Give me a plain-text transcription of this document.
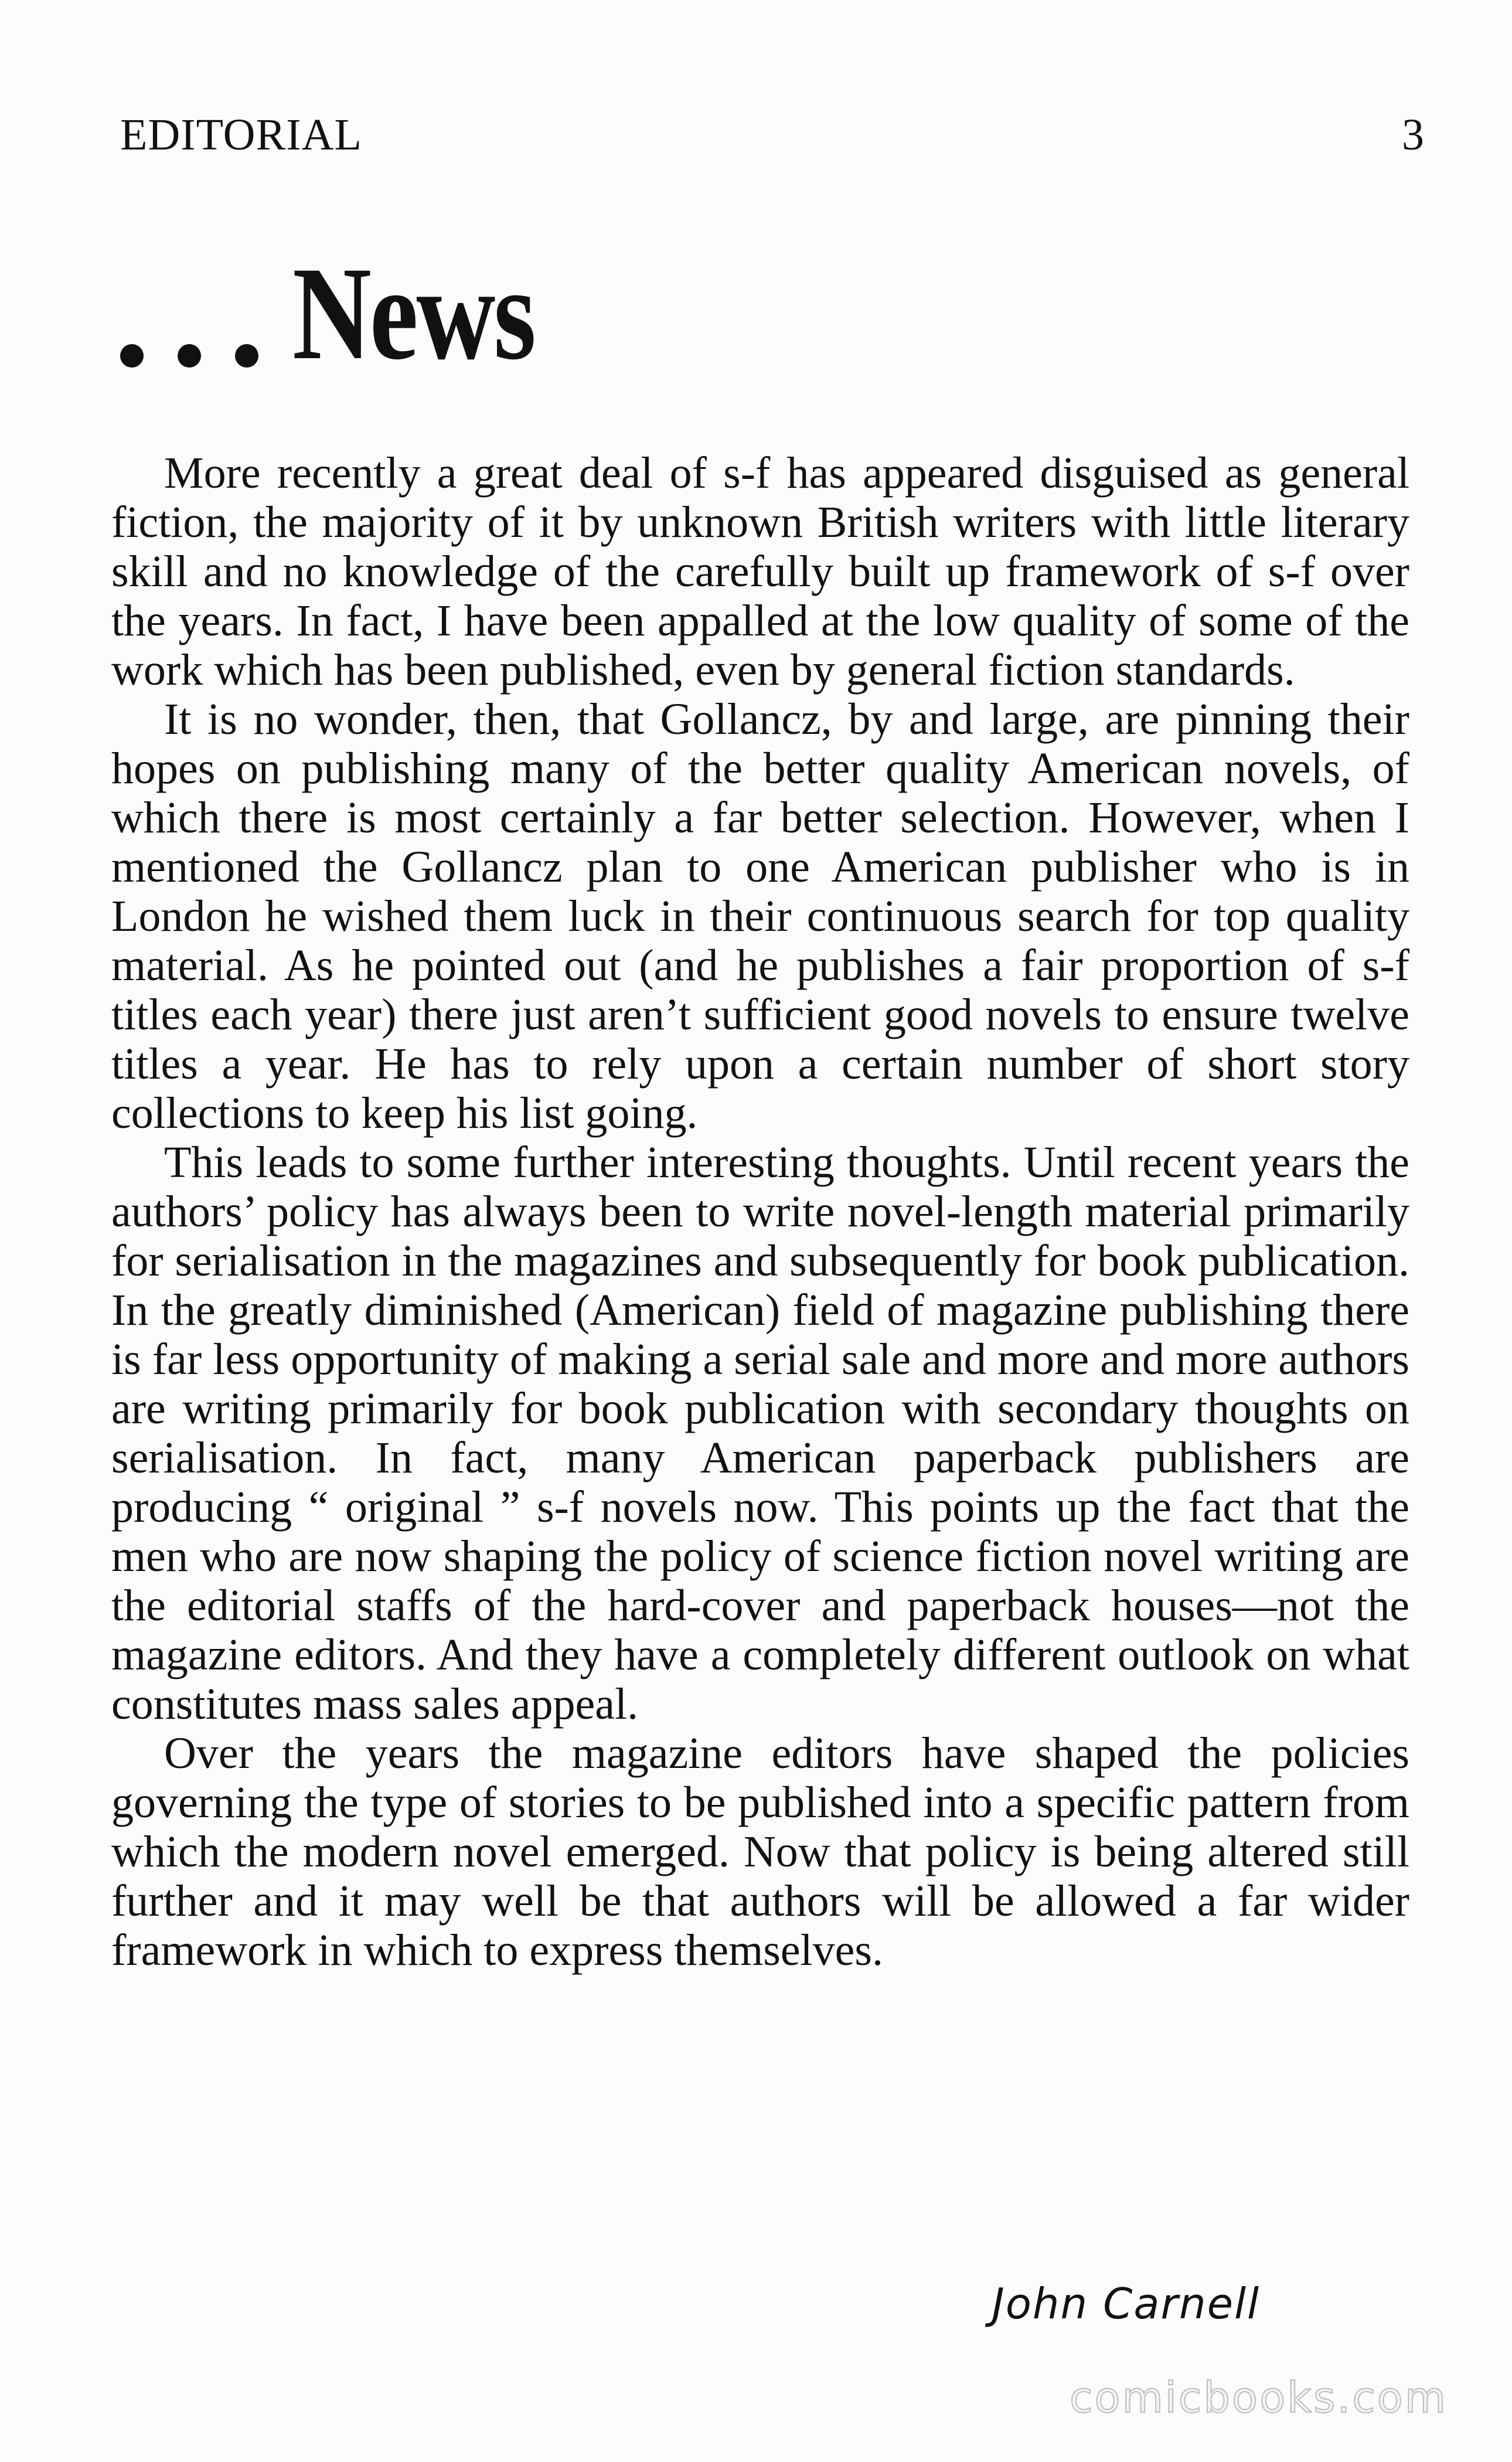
EDITORIAL	3
News

More recently a great deal of s-f has appeared disguised as general fiction, the majority of it by unknown British writers with little literary skill and no knowledge of the carefully built up framework of s-f over the years. In fact, I have been appalled at the low quality of some of the work which has been published, even by general fiction standards.

It is no wonder, then, that Gollancz, by and large, are pinning their hopes on publishing many of the better quality American novels, of which there is most certainly a far better selection. However, when I mentioned the Gollancz plan to one American publisher who is in London he wished them luck in their continuous search for top quality material. As he pointed out (and he publishes a fair proportion of s-f titles each year) there just aren’t sufficient good novels to ensure twelve titles a year. He has to rely upon a certain number of short story collections to keep his list going.

This leads to some further interesting thoughts. Until recent years the authors’ policy has always been to write novel-length material primarily for serialisation in the magazines and subsequently for book publication. In the greatly diminished (American) field of magazine publishing there is far less opportunity of making a serial sale and more and more authors are writing primarily for book publication with secondary thoughts on serialisation. In fact, many American paperback publishers are producing “ original ” s-f novels now. This points up the fact that the men who are now shaping the policy of science fiction novel writing are the editorial staffs of the hard-cover and paperback houses—not the magazine editors. And they have a completely different outlook on what constitutes mass sales appeal.

Over the years the magazine editors have shaped the policies governing the type of stories to be published into a specific pattern from which the modern novel emerged. Now that policy is being altered still further and it may well be that authors will be allowed a far wider framework in which to express themselves.

John Carnell
comicbooks.com
